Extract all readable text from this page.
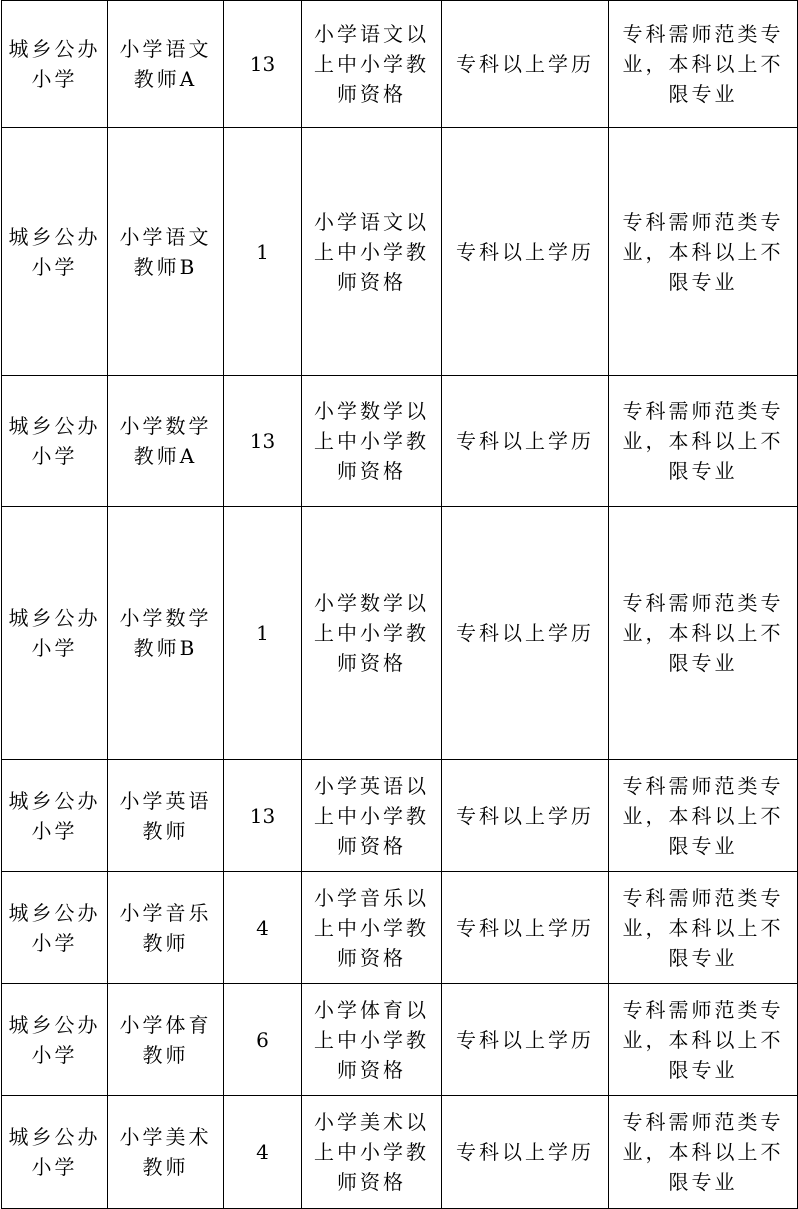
城乡公办小学	小学语文教师A	13	小学语文以上中小学教师资格	专科以上学历	专科需师范类专业，本科以上不限专业
城乡公办小学	小学语文教师B	1	小学语文以上中小学教师资格	专科以上学历	专科需师范类专业，本科以上不限专业
城乡公办小学	小学数学教师A	13	小学数学以上中小学教师资格	专科以上学历	专科需师范类专业，本科以上不限专业
城乡公办小学	小学数学教师B	1	小学数学以上中小学教师资格	专科以上学历	专科需师范类专业，本科以上不限专业
城乡公办小学	小学英语教师	13	小学英语以上中小学教师资格	专科以上学历	专科需师范类专业，本科以上不限专业
城乡公办小学	小学音乐教师	4	小学音乐以上中小学教师资格	专科以上学历	专科需师范类专业，本科以上不限专业
城乡公办小学	小学体育教师	6	小学体育以上中小学教师资格	专科以上学历	专科需师范类专业，本科以上不限专业
城乡公办小学	小学美术教师	4	小学美术以上中小学教师资格	专科以上学历	专科需师范类专业，本科以上不限专业
